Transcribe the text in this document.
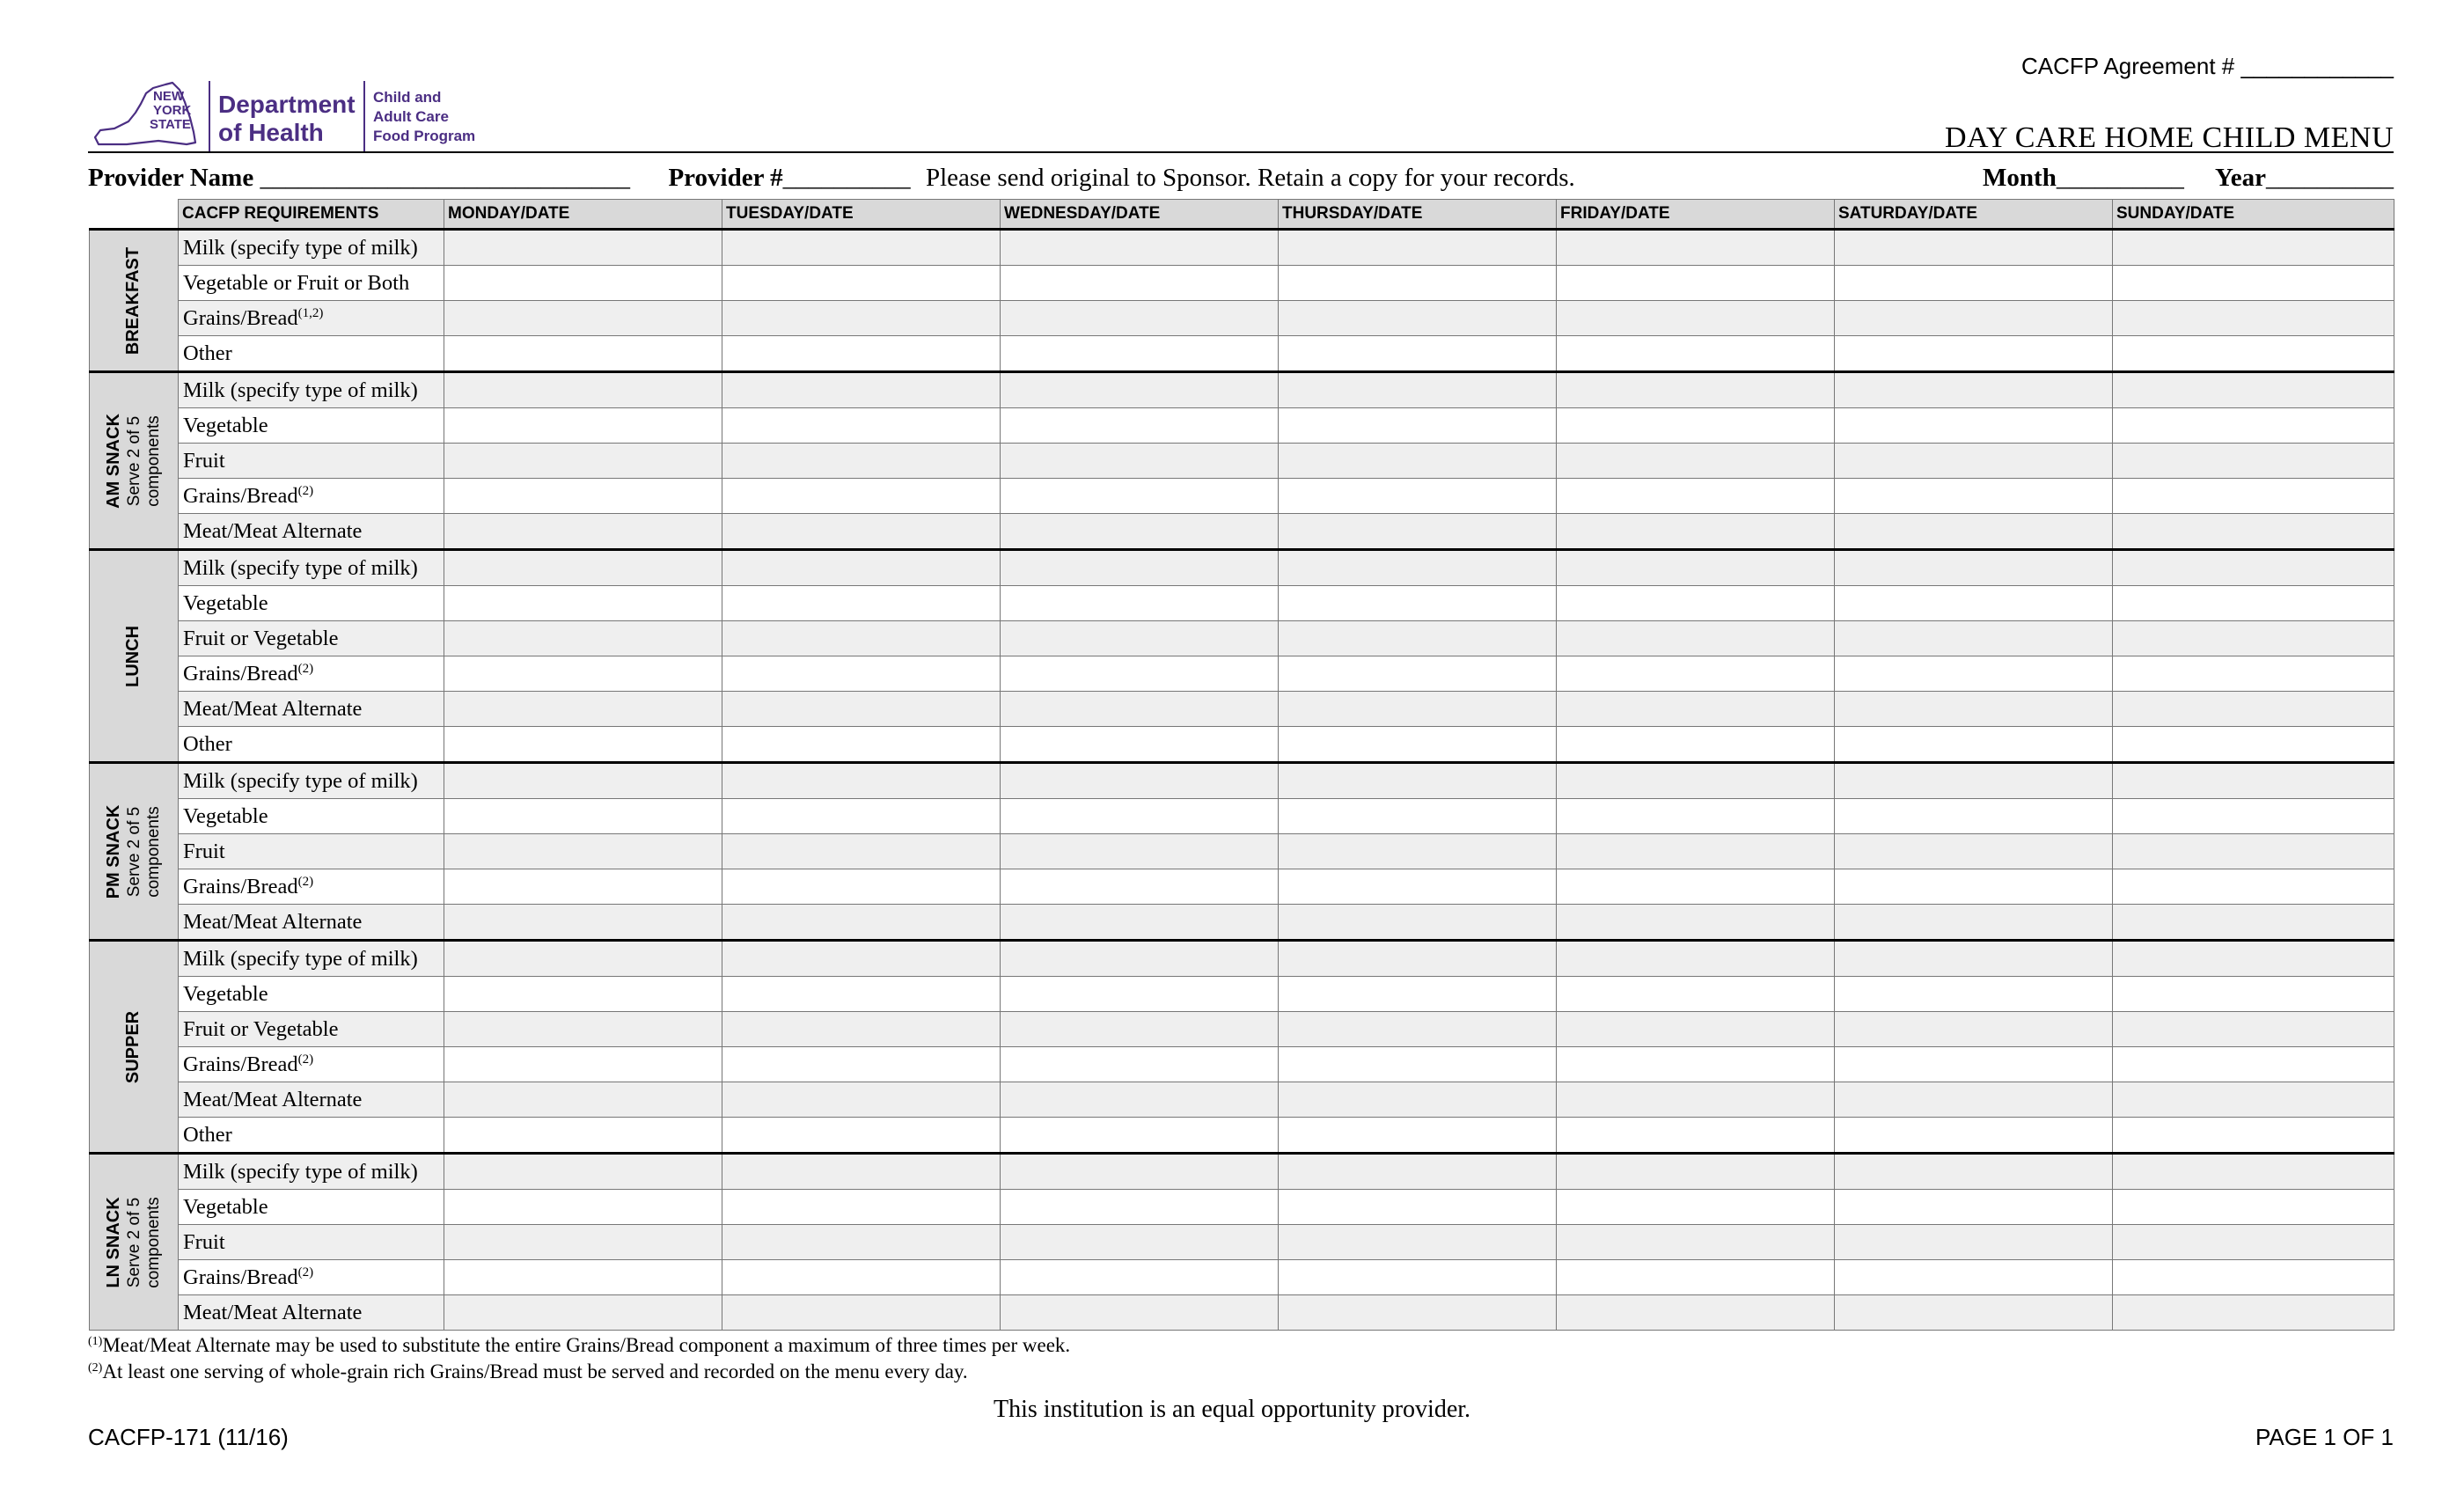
CACFP Agreement # ____________
NEW
YORK
STATE
Department
of Health
Child and
Adult Care
Food Program	DAY CARE HOME CHILD MENU
Provider Name _____________________________ Provider #__________ Please send original to Sponsor. Retain a copy for your records.	Month__________ Year__________
	CACFP REQUIREMENTS	MONDAY/DATE	TUESDAY/DATE	WEDNESDAY/DATE	THURSDAY/DATE	FRIDAY/DATE	SATURDAY/DATE	SUNDAY/DATE

BREAKFAST	Milk (specify type of milk)							
	Vegetable or Fruit or Both							
	Grains/Bread$^{(1,2)}$							
	Other							

AM SNACK Serve 2 of 5 components	Milk (specify type of milk)							
	Vegetable							
	Fruit							
	Grains/Bread$^{(2)}$							
	Meat/Meat Alternate							

LUNCH	Milk (specify type of milk)							
	Vegetable							
	Fruit or Vegetable							
	Grains/Bread$^{(2)}$							
	Meat/Meat Alternate							
	Other							

PM SNACK Serve 2 of 5 components	Milk (specify type of milk)							
	Vegetable							
	Fruit							
	Grains/Bread$^{(2)}$							
	Meat/Meat Alternate							

SUPPER	Milk (specify type of milk)							
	Vegetable							
	Fruit or Vegetable							
	Grains/Bread$^{(2)}$							
	Meat/Meat Alternate							
	Other							

LN SNACK Serve 2 of 5 components	Milk (specify type of milk)							
	Vegetable							
	Fruit							
	Grains/Bread$^{(2)}$							
	Meat/Meat Alternate							
$^{(1)}$Meat/Meat Alternate may be used to substitute the entire Grains/Bread component a maximum of three times per week.
$^{(2)}$At least one serving of whole-grain rich Grains/Bread must be served and recorded on the menu every day.
This institution is an equal opportunity provider.
CACFP-171 (11/16)	PAGE 1 OF 1
